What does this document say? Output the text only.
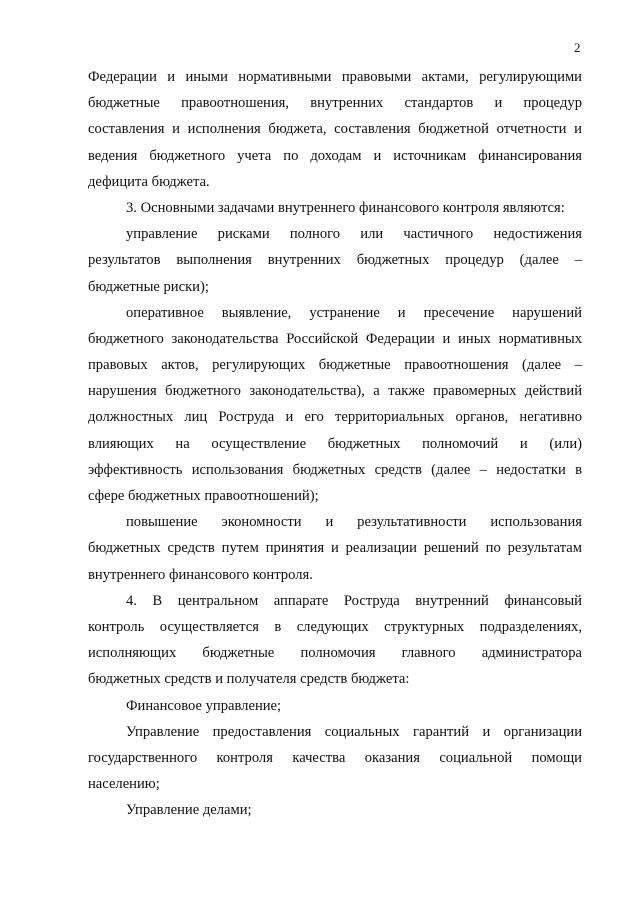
2
Федерации и иными нормативными правовыми актами, регулирующими
бюджетные правоотношения, внутренних стандартов и процедур
составления и исполнения бюджета, составления бюджетной отчетности и
ведения бюджетного учета по доходам и источникам финансирования
дефицита бюджета.
3. Основными задачами внутреннего финансового контроля являются:
управление рисками полного или частичного недостижения
результатов выполнения внутренних бюджетных процедур (далее –
бюджетные риски);
оперативное выявление, устранение и пресечение нарушений
бюджетного законодательства Российской Федерации и иных нормативных
правовых актов, регулирующих бюджетные правоотношения (далее –
нарушения бюджетного законодательства), а также правомерных действий
должностных лиц Роструда и его территориальных органов, негативно
влияющих на осуществление бюджетных полномочий и (или)
эффективность использования бюджетных средств (далее – недостатки в
сфере бюджетных правоотношений);
повышение экономности и результативности использования
бюджетных средств путем принятия и реализации решений по результатам
внутреннего финансового контроля.
4. В центральном аппарате Роструда внутренний финансовый
контроль осуществляется в следующих структурных подразделениях,
исполняющих бюджетные полномочия главного администратора
бюджетных средств и получателя средств бюджета:
Финансовое управление;
Управление предоставления социальных гарантий и организации
государственного контроля качества оказания социальной помощи
населению;
Управление делами;
